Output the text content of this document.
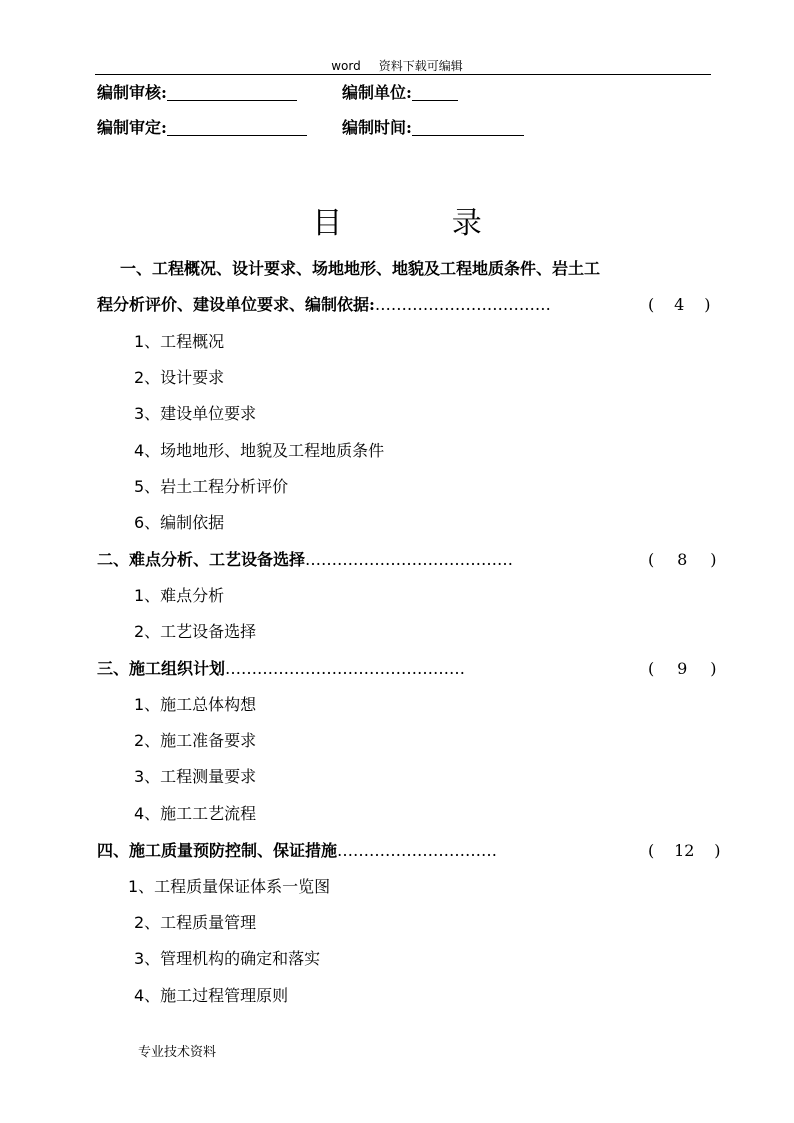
word 资料下载可编辑
编制审核:	编制单位:
编制审定:	编制时间:
目 录
一、工程概况、设计要求、场地地形、地貌及工程地质条件、岩土工
程分析评价、建设单位要求、编制依据:……………………………	( 4 )
1、工程概况
2、设计要求
3、建设单位要求
4、场地地形、地貌及工程地质条件
5、岩土工程分析评价
6、编制依据
二、难点分析、工艺设备选择…………………………………	( 8 )
1、难点分析
2、工艺设备选择
三、施工组织计划………………………………………	( 9 )
1、施工总体构想
2、施工准备要求
3、工程测量要求
4、施工工艺流程
四、施工质量预防控制、保证措施…………………………	( 12 )
1、工程质量保证体系一览图
2、工程质量管理
3、管理机构的确定和落实
4、施工过程管理原则
专业技术资料
